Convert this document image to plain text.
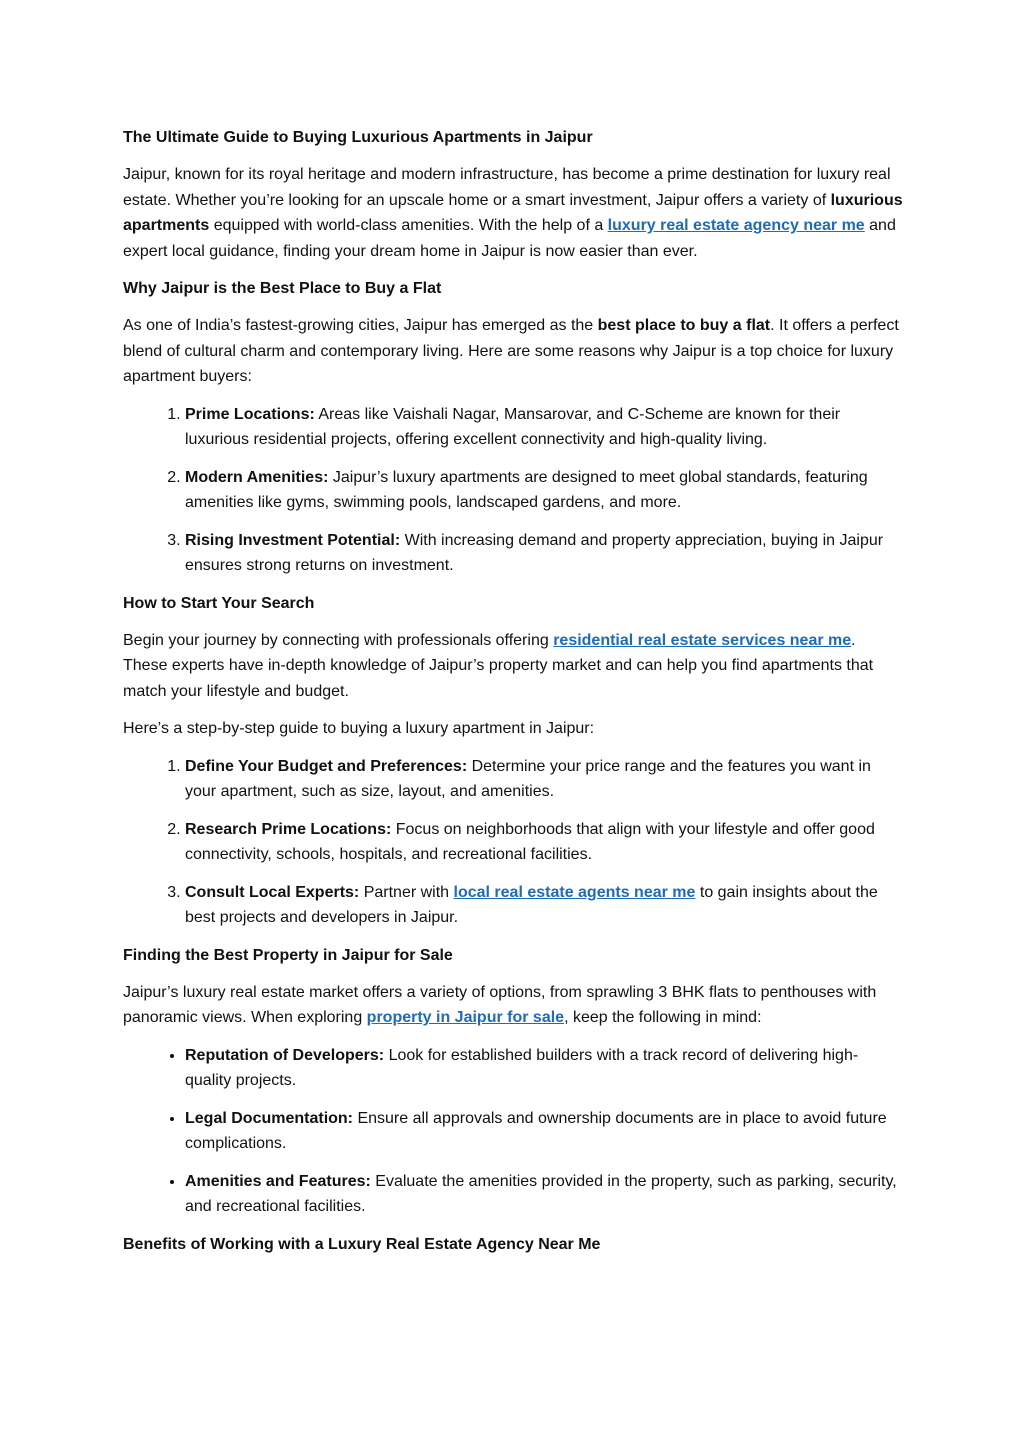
The Ultimate Guide to Buying Luxurious Apartments in Jaipur

Jaipur, known for its royal heritage and modern infrastructure, has become a prime destination for luxury real estate. Whether you’re looking for an upscale home or a smart investment, Jaipur offers a variety of luxurious apartments equipped with world-class amenities. With the help of a luxury real estate agency near me and expert local guidance, finding your dream home in Jaipur is now easier than ever.

Why Jaipur is the Best Place to Buy a Flat

As one of India’s fastest-growing cities, Jaipur has emerged as the best place to buy a flat. It offers a perfect blend of cultural charm and contemporary living. Here are some reasons why Jaipur is a top choice for luxury apartment buyers:

1. Prime Locations: Areas like Vaishali Nagar, Mansarovar, and C-Scheme are known for their luxurious residential projects, offering excellent connectivity and high-quality living.
2. Modern Amenities: Jaipur’s luxury apartments are designed to meet global standards, featuring amenities like gyms, swimming pools, landscaped gardens, and more.
3. Rising Investment Potential: With increasing demand and property appreciation, buying in Jaipur ensures strong returns on investment.
How to Start Your Search

Begin your journey by connecting with professionals offering residential real estate services near me. These experts have in-depth knowledge of Jaipur’s property market and can help you find apartments that match your lifestyle and budget.

Here’s a step-by-step guide to buying a luxury apartment in Jaipur:

1. Define Your Budget and Preferences: Determine your price range and the features you want in your apartment, such as size, layout, and amenities.
2. Research Prime Locations: Focus on neighborhoods that align with your lifestyle and offer good connectivity, schools, hospitals, and recreational facilities.
3. Consult Local Experts: Partner with local real estate agents near me to gain insights about the best projects and developers in Jaipur.
Finding the Best Property in Jaipur for Sale

Jaipur’s luxury real estate market offers a variety of options, from sprawling 3 BHK flats to penthouses with panoramic views. When exploring property in Jaipur for sale, keep the following in mind:

• Reputation of Developers: Look for established builders with a track record of delivering high-quality projects.
• Legal Documentation: Ensure all approvals and ownership documents are in place to avoid future complications.
• Amenities and Features: Evaluate the amenities provided in the property, such as parking, security, and recreational facilities.
Benefits of Working with a Luxury Real Estate Agency Near Me
